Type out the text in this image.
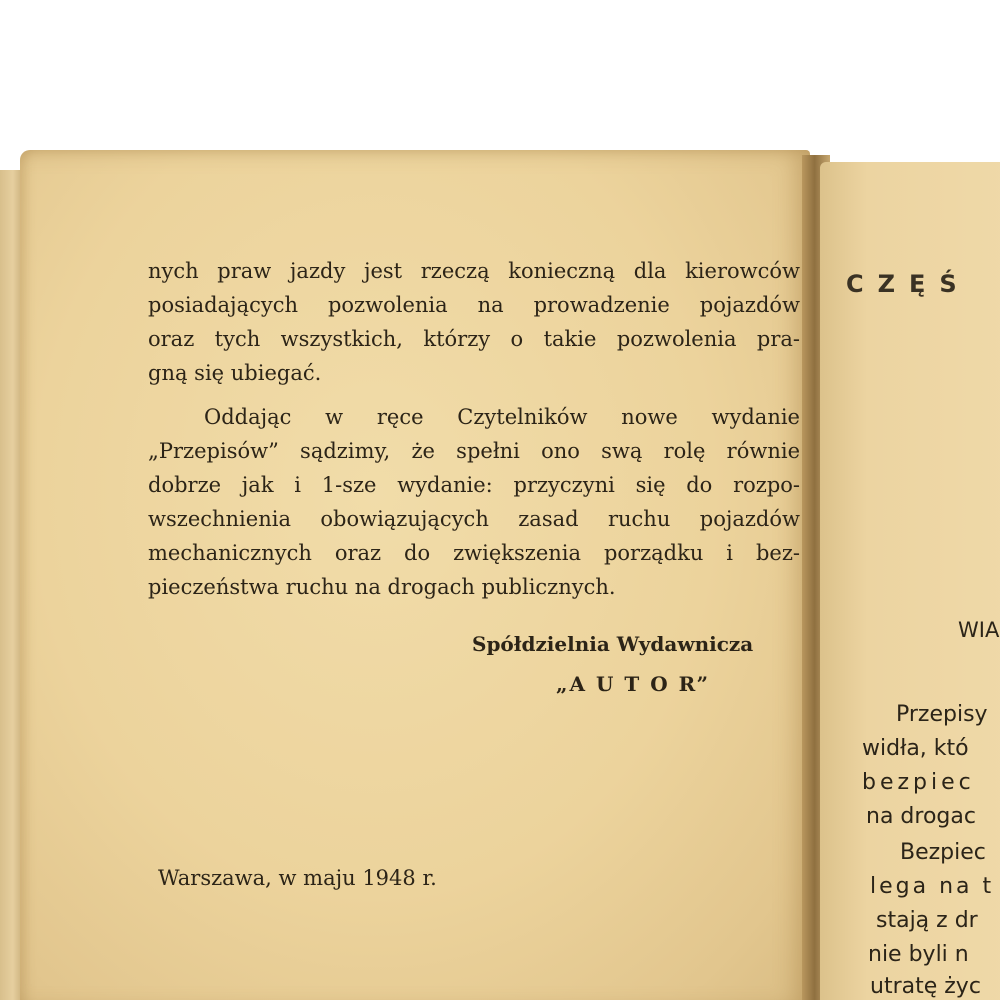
nych praw jazdy jest rzeczą konieczną dla kierowców
posiadających pozwolenia na prowadzenie pojazdów
oraz tych wszystkich, którzy o takie pozwolenia pra-
gną się ubiegać.
Oddając w ręce Czytelników nowe wydanie
„Przepisów” sądzimy, że spełni ono swą rolę równie
dobrze jak i 1-sze wydanie: przyczyni się do rozpo-
wszechnienia obowiązujących zasad ruchu pojazdów
mechanicznych oraz do zwiększenia porządku i bez-
pieczeństwa ruchu na drogach publicznych.
Spółdzielnia Wydawnicza
„A U T O R”
Warszawa, w maju 1948 r.
CZĘŚ
WIA
Przepisy
widła, któ
bezpiec
na drogac
Bezpiec
lega na t
stają z dr
nie byli n
utratę życ
